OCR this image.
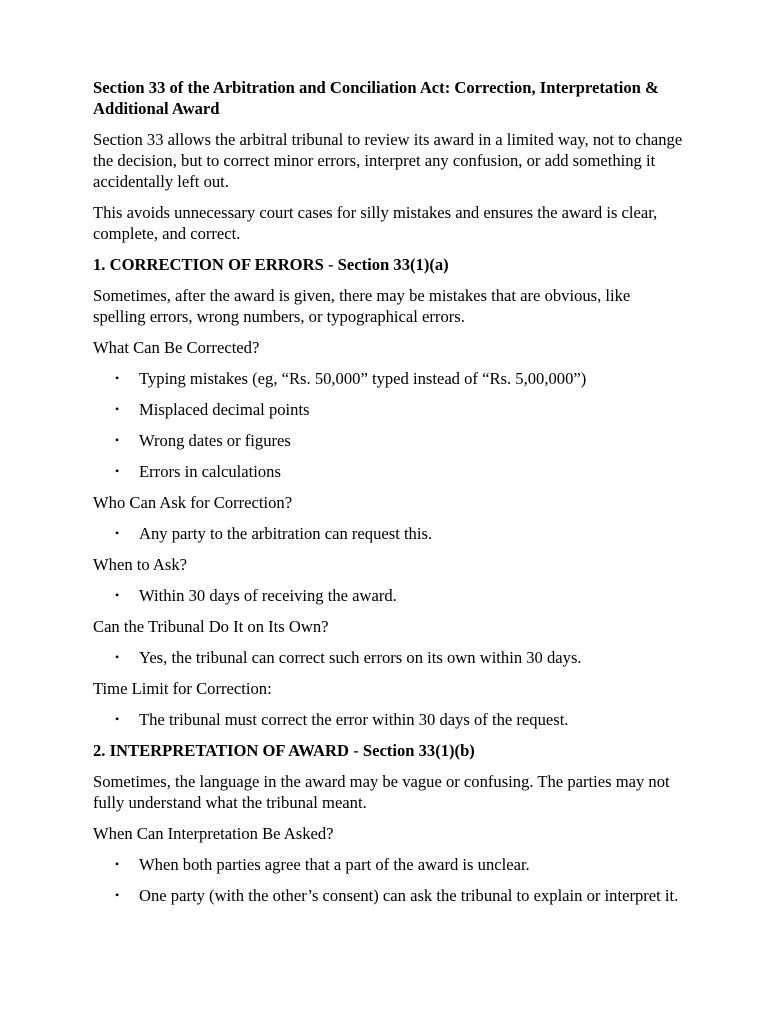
Section 33 of the Arbitration and Conciliation Act: Correction, Interpretation & Additional Award

Section 33 allows the arbitral tribunal to review its award in a limited way, not to change the decision, but to correct minor errors, interpret any confusion, or add something it accidentally left out.

This avoids unnecessary court cases for silly mistakes and ensures the award is clear, complete, and correct.

1. CORRECTION OF ERRORS - Section 33(1)(a)

Sometimes, after the award is given, there may be mistakes that are obvious, like spelling errors, wrong numbers, or typographical errors.

What Can Be Corrected?

• Typing mistakes (eg, “Rs. 50,000” typed instead of “Rs. 5,00,000”)
• Misplaced decimal points
• Wrong dates or figures
• Errors in calculations

Who Can Ask for Correction?

• Any party to the arbitration can request this.

When to Ask?

• Within 30 days of receiving the award.

Can the Tribunal Do It on Its Own?

• Yes, the tribunal can correct such errors on its own within 30 days.

Time Limit for Correction:

• The tribunal must correct the error within 30 days of the request.

2. INTERPRETATION OF AWARD - Section 33(1)(b)

Sometimes, the language in the award may be vague or confusing. The parties may not fully understand what the tribunal meant.

When Can Interpretation Be Asked?

• When both parties agree that a part of the award is unclear.
• One party (with the other’s consent) can ask the tribunal to explain or interpret it.
